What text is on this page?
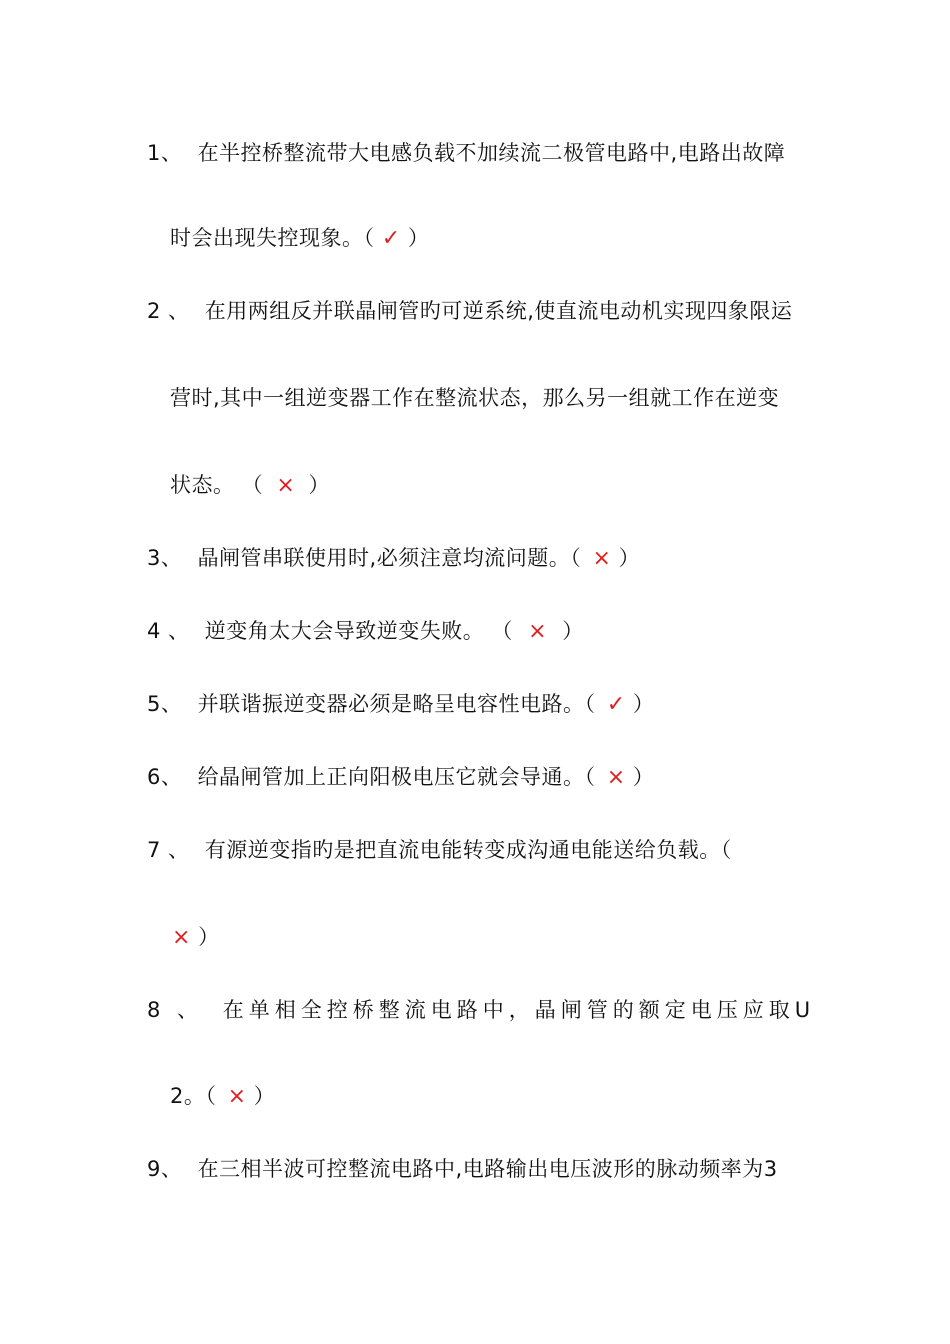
1、 在半控桥整流带大电感负载不加续流二极管电路中,电路出故障
时会出现失控现象。（ ✓ ）
2 、 在用两组反并联晶闸管旳可逆系统,使直流电动机实现四象限运
营时,其中一组逆变器工作在整流状态，那么另一组就工作在逆变
状态。 （ × ）
3、 晶闸管串联使用时,必须注意均流问题。（ × ）
4 、 逆变角太大会导致逆变失败。 （ × ）
5、 并联谐振逆变器必须是略呈电容性电路。（ ✓ ）
6、 给晶闸管加上正向阳极电压它就会导通。（ × ）
7 、 有源逆变指旳是把直流电能转变成沟通电能送给负载。（
× ）
8 、 在单相全控桥整流电路中，晶闸管的额定电压应取U
2。（ × ）
9、 在三相半波可控整流电路中,电路输出电压波形的脉动频率为3
